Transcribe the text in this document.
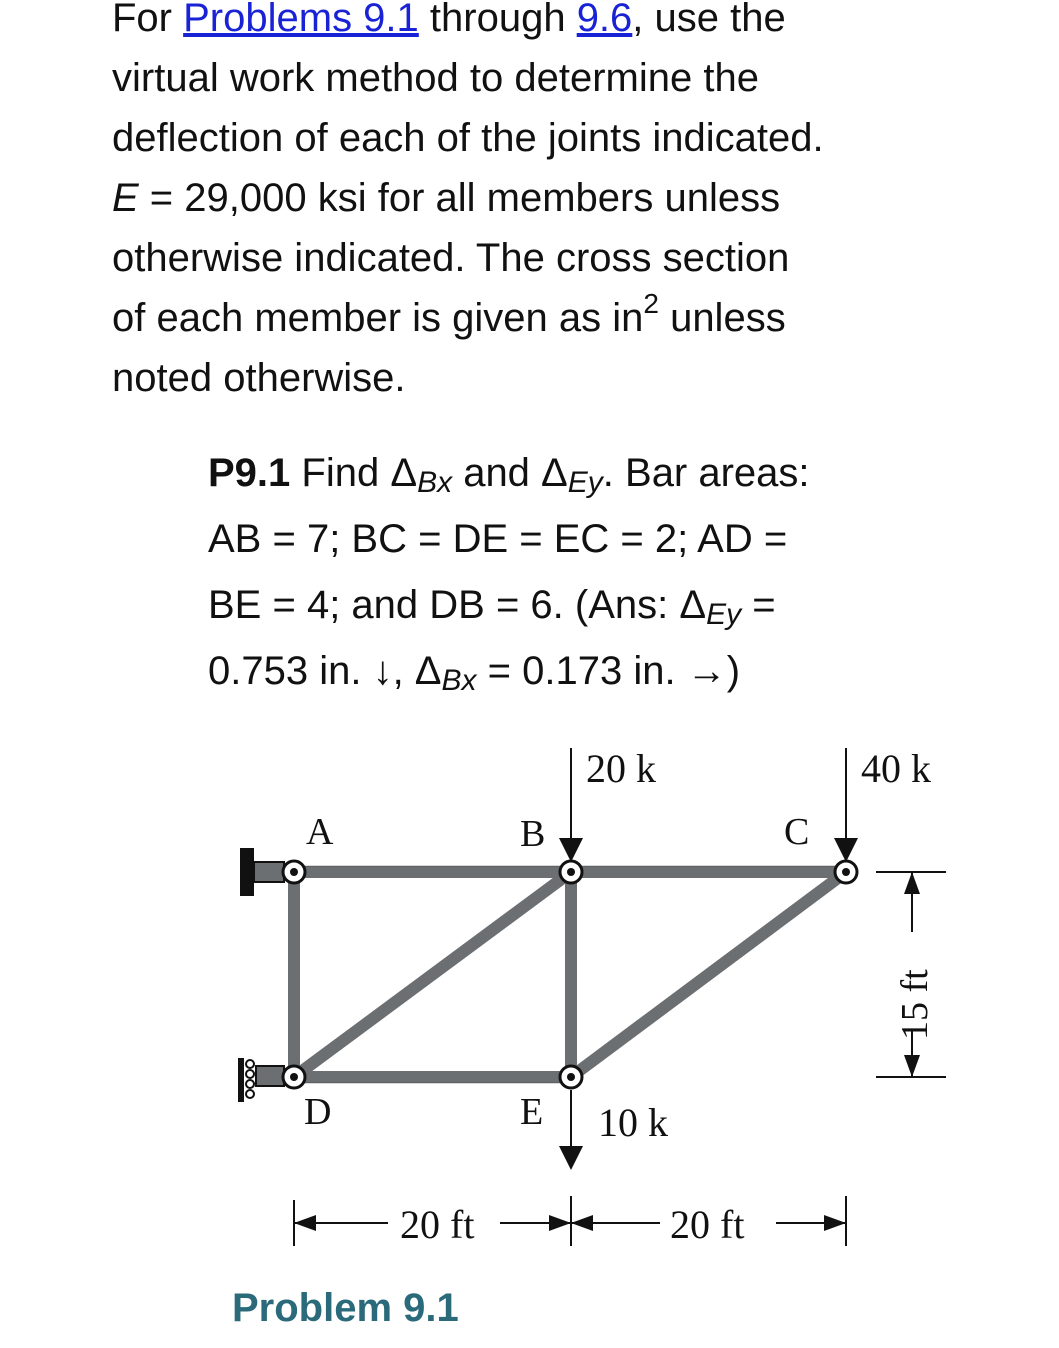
For Problems 9.1 through 9.6, use the
virtual work method to determine the
deflection of each of the joints indicated.
E = 29,000 ksi for all members unless
otherwise indicated. The cross section
of each member is given as $in^2$ unless
noted otherwise.
P9.1 Find $\Delta_{Bx}$ and $\Delta_{Ey}$. Bar areas:
AB = 7; BC = DE = EC = 2; AD =
BE = 4; and DB = 6. (Ans: $\Delta_{Ey}$ =
0.753 in. ↓, $\Delta_{Bx} = 0.173$ in. →)
A	B	C
D	E
20 k	40 k
10 k
20 ft	20 ft
15 ft
Problem 9.1
